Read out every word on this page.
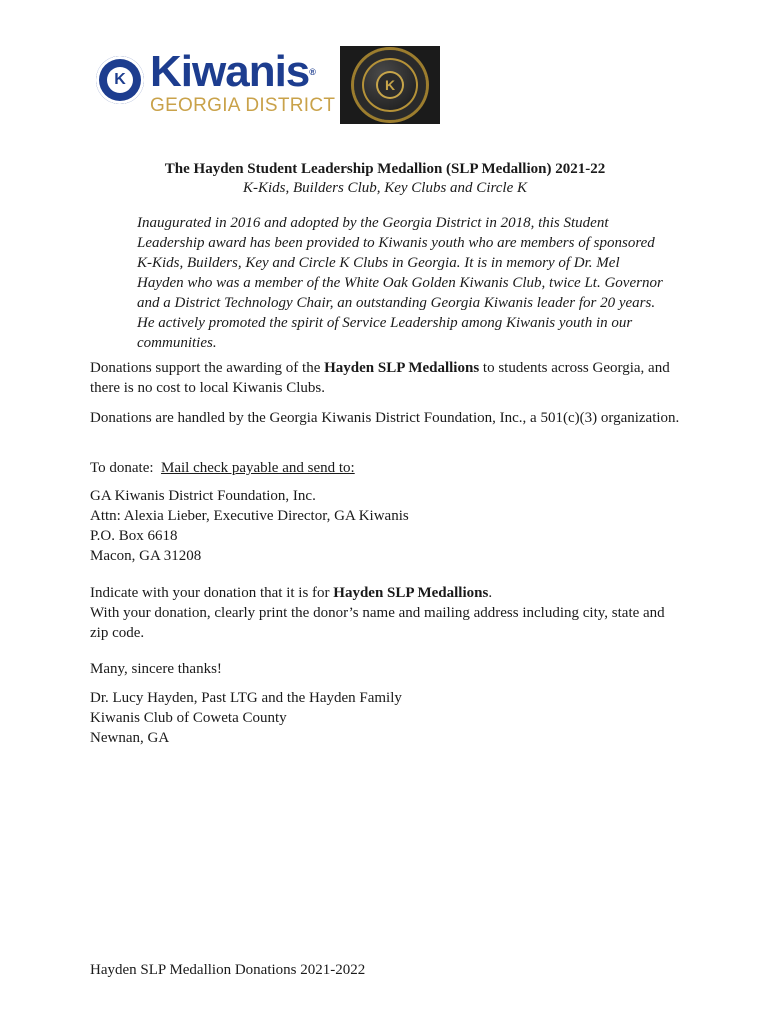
K Kiwanis®
GEORGIA DISTRICT
K
The Hayden Student Leadership Medallion (SLP Medallion) 2021-22
K-Kids, Builders Club, Key Clubs and Circle K
Inaugurated in 2016 and adopted by the Georgia District in 2018, this Student Leadership award has been provided to Kiwanis youth who are members of sponsored K-Kids, Builders, Key and Circle K Clubs in Georgia. It is in memory of Dr. Mel Hayden who was a member of the White Oak Golden Kiwanis Club, twice Lt. Governor and a District Technology Chair, an outstanding Georgia Kiwanis leader for 20 years. He actively promoted the spirit of Service Leadership among Kiwanis youth in our communities.
Donations support the awarding of the Hayden SLP Medallions to students across Georgia, and there is no cost to local Kiwanis Clubs.
Donations are handled by the Georgia Kiwanis District Foundation, Inc., a 501(c)(3) organization.
To donate:  Mail check payable and send to:
GA Kiwanis District Foundation, Inc.
Attn: Alexia Lieber, Executive Director, GA Kiwanis
P.O. Box 6618
Macon, GA 31208
Indicate with your donation that it is for Hayden SLP Medallions.
With your donation, clearly print the donor’s name and mailing address including city, state and zip code.
Many, sincere thanks!
Dr. Lucy Hayden, Past LTG and the Hayden Family
Kiwanis Club of Coweta County
Newnan, GA
Hayden SLP Medallion Donations 2021-2022
